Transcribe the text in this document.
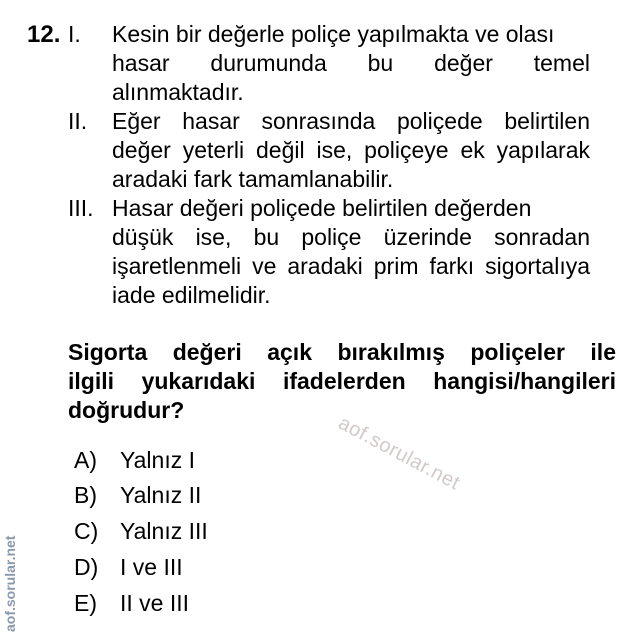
12. I. Kesin bir değerle poliçe yapılmakta ve olası
hasar durumunda bu değer temel
alınmaktadır.
II. Eğer hasar sonrasında poliçede belirtilen
değer yeterli değil ise, poliçeye ek yapılarak
aradaki fark tamamlanabilir.
III. Hasar değeri poliçede belirtilen değerden
düşük ise, bu poliçe üzerinde sonradan
işaretlenmeli ve aradaki prim farkı sigortalıya
iade edilmelidir.
Sigorta değeri açık bırakılmış poliçeler ile
ilgili yukarıdaki ifadelerden hangisi/hangileri
doğrudur?
A) Yalnız I
B) Yalnız II
C) Yalnız III
D) I ve III
E) II ve III
aof.sorular.net
aof.sorular.net
